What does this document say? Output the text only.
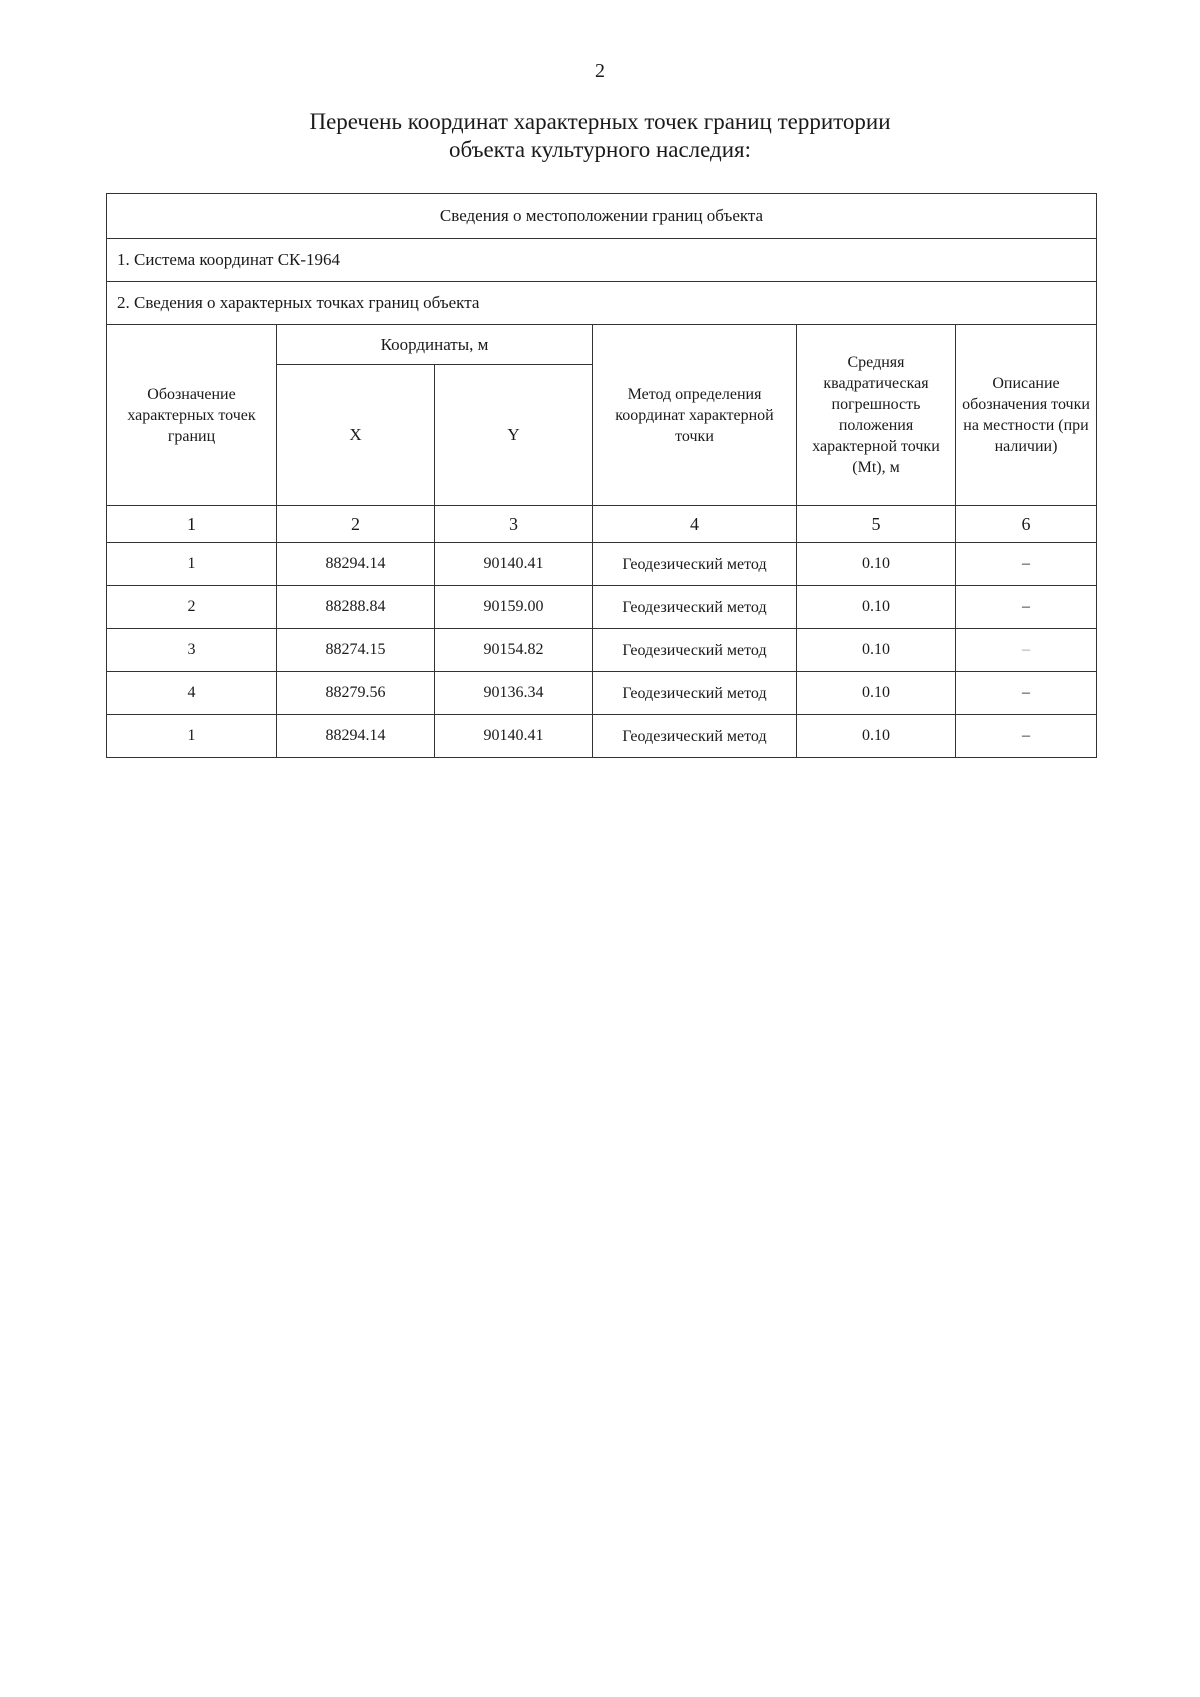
2
Перечень координат характерных точек границ территории
объекта культурного наследия:
Сведения о местоположении границ объекта					
1. Система координат СК-1964					
2. Сведения о характерных точках границ объекта					
Обозначение характерных точек границ	Координаты, м		Метод определения координат характерной точки	Средняя квадратическая погрешность положения характерной точки (Mt), м	Описание обозначения точки на местности (при наличии)
	X	Y			
1	2	3	4	5	6
1	88294.14	90140.41	Геодезический метод	0.10	–
2	88288.84	90159.00	Геодезический метод	0.10	–
3	88274.15	90154.82	Геодезический метод	0.10	–
4	88279.56	90136.34	Геодезический метод	0.10	–
1	88294.14	90140.41	Геодезический метод	0.10	–
